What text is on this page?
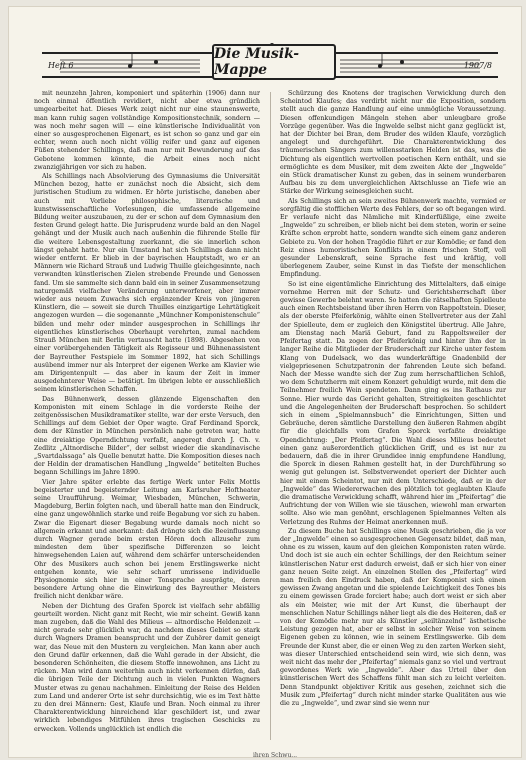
Heft 6
Die Musik-Mappe	1907/8

mit neunzehn Jahren, komponiert und späterhin (1906) dann nur noch einmal öffentlich revidiert, nicht aber etwa gründlich umgearbeitet hat. Dieses Werk zeigt nicht nur eine staunenswerte, man kann ruhig sagen vollständige Kompositionstechnik, sondern — was noch mehr sagen will — eine künstlerische Individualität von einer so ausgesprochenen Eigenart, es ist schon so ganz und gar ein echter, wenn auch noch nicht völlig reifer und ganz auf eigenen Füßen stehender Schillings, daß man nur mit Bewunderung auf das Gebotene kommen könnte, die Arbeit eines noch nicht zwanzigjährigen vor sich zu haben.

Als Schillings nach Absolvierung des Gymnasiums die Universität München bezog, hatte er zunächst noch die Absicht, sich dem juristischen Studium zu widmen. Er hörte juristische, daneben aber auch mit Vorliebe philosophische, literarische und kunstwissenschaftliche Vorlesungen, die umfassende allgemeine Bildung weiter auszubauen, zu der er schon auf dem Gymnasium den festen Grund gelegt hatte. Die Jurisprudenz wurde bald an den Nagel gehängt und der Musik auch nach außenhin die führende Stelle für die weitere Lebensgestaltung zuerkannt, die sie innerlich schon längst gehabt hatte. Nur ein Umstand hat sich Schillings dann nicht wieder entfernt. Er blieb in der bayrischen Hauptstadt, wo er an Männern wie Richard Strauß und Ludwig Thuille gleichgesinnte, nach verwandten künstlerischen Zielen strebende Freunde und Genossen fand. Um sie sammelte sich dann bald ein in seiner Zusammensetzung naturgemäß vielfacher Veränderung unterworfener, aber immer wieder aus neuem Zuwachs sich ergänzender Kreis von jüngeren Künstlern, die — soweit sie durch Thuilles einzigartige Lehrtätigkeit angezogen wurden — die sogenannte „Münchner Komponistenschule“ bilden und mehr oder minder ausgesprochen in Schillings ihr eigentliches künstlerisches Oberhaupt verehrten, zumal nachdem Strauß München mit Berlin vertauscht hatte (1898). Abgesehen von einer vorübergehenden Tätigkeit als Regisseur und Bühnenassistent der Bayreuther Festspiele im Sommer 1892, hat sich Schillings ausübend immer nur als Interpret der eigenen Werke am Klavier wie am Dirigentenpult — das aber in kaum der Zeit in immer ausgedehnterer Weise — betätigt. Im übrigen lebte er ausschließlich seinem künstlerischen Schaffen.

Das Bühnenwerk, dessen glänzende Eigenschaften den Komponisten mit einem Schlage in die vorderste Reihe der zeitgenössischen Musikdramatiker stellte, war der erste Versuch, den Schillings auf dem Gebiet der Oper wagte. Graf Ferdinand Sporck, dem der Künstler in München persönlich nahe getreten war, hatte eine dreiaktige Operndichtung verfaßt, angeregt durch J. Ch. v. Zedlitz „Altnordische Bilder“, der selbst wieder die skandinavische „Svartdalssaga“ als Quelle benutzt hatte. Die Komposition dieses nach der Heldin der dramatischen Handlung „Ingwelde“ betitelten Buches begann Schillings im Jahre 1890.

Vier Jahre später erlebte das fertige Werk unter Felix Mottls begeisterter und begeisternder Leitung am Karlsruher Hoftheater seine Uraufführung. Weimar, Wiesbaden, München, Schwerin, Magdeburg, Berlin folgten nach, und überall hatte man den Eindruck, eine ganz ungewöhnlich starke und reife Begabung vor sich zu haben. Zwar die Eigenart dieser Begabung wurde damals noch nicht so allgemein erkannt und anerkannt: daß drängte sich die Beeinflussung durch Wagner gerade beim ersten Hören doch allzusehr zum mindesten dem über spezifische Differenzen so leicht hinwegsehenden Laien auf, während dem schärfer unterscheidenden Ohr des Musikers auch schon bei jenem Erstlingswerke nicht entgehen konnte, wie sehr scharf umrissene individuelle Physiognomie sich hier in einer Tonsprache ausprägte, deren besondere Artung ohne die Einwirkung des Bayreuther Meisters freilich nicht denkbar wäre.

Neben der Dichtung des Grafen Sporck ist vielfach sehr abfällig geurteilt worden. Nicht ganz mit Recht, wie mir scheint. Gewiß kann man zugeben, daß die Wahl des Milieus — altnordische Heldenzeit — nicht gerade sehr glücklich war, da nachdem dieses Gebiet so stark durch Wagners Dramen beansprucht und der Zuhörer damit geneigt war, das Neue mit den Mustern zu vergleichen. Man kann aber auch den Grund dafür erkennen, daß die Wahl gerade in der Absicht, die besonderen Schönheiten, die diesem Stoffe innewohnen, ans Licht zu rücken. Man wird dann weiterhin auch nicht verkennen dürfen, daß die übrigen Teile der Dichtung auch in vielen Punkten Wagners Muster etwas zu genau nachahmen. Einleitung der Reise des Helden zum Land und anderer Orte ist sehr durchsichtig, wie es im Text hätte zu den drei Männern: Gest, Klaufe und Bran. Noch einmal zu ihrer Charakterentwicklung hinreichend klar geschildert ist, und zwar wirklich lebendiges Mitfühlen ihres tragischen Geschicks zu erwecken. Vollends unglücklich ist endlich die

Schürzung des Knotens der tragischen Verwicklung durch den Scheintod Klaufes; das verdirbt nicht nur die Exposition, sondern stellt auch die ganze Handlung auf eine unmögliche Voraussetzung. Diesen offenkundigen Mängeln stehen aber unleugbare große Vorzüge gegenüber. Was die Ingwelde selbst nicht ganz geglückt ist, hat der Dichter bei Bran, dem Bruder des wilden Klaufe, vorzüglich angelegt und durchgeführt. Die Charakterentwicklung des träumerischen Sängers zum willensstarken Helden ist das, was die Dichtung als eigentlich wertvollen poetischen Kern enthält, und sie ermöglichte es dem Musiker, mit dem zweiten Akte der „Ingwelde“ ein Stück dramatischer Kunst zu geben, das in seinem wunderbaren Aufbau bis zu dem unvergleichlichen Aktschlusse an Tiefe wie an Stärke der Wirkung seinesgleichen sucht.

Als Schillings sich an sein zweites Bühnenwerk machte, vermied er sorgfältig die stofflichen Werte des Fehlers, der so oft begangen wird. Er verlaufe nicht das Nämliche mit Kinderfüßlige, eine zweite „Ingwelde“ zu schreiben, er blieb nicht bei dem steten, worin er seine Kräfte schon erprobt hatte, sondern wandte sich einem ganz anderen Gebiete zu. Von der hohen Tragödie führt er zur Komödie; er fand den Reiz eines humoristischen Konflikts in einem frischen Stoff, voll gesunder Lebenskraft, seine Sprache fest und kräftig, voll überlegenem Zauber, seine Kunst in das Tiefste der menschlichen Empfindung.

So ist eine eigentümliche Einrichtung des Mittelalters, daß einige vornehme Herren mit der Schutz- und Gerichtsherrschaft über gewisse Gewerbe belehnt waren. So hatten die rätselhaften Spielleute auch einen Rechtsbeistand über ihren Herrn von Rappoltstein. Dieser, als der oberste Pfeiferkönig, wählte einen Stellvertreter aus der Zahl der Spielleute, dem er zugleich den Königstitel übertrug. Alle Jahre, am Dienstag nach Mariä Geburt, fand zu Rappoltsweiler der Pfeifertag statt. Da zogen der Pfeiferkönig und hinter ihm der in langer Reihe die Mitglieder der Bruderschaft zur Kirche unter festem Klang von Dudelsack, wo das wunderkräftige Gnadenbild der vielgepriesenen Schutzpatronin der fahrenden Leute sich befand. Nach der Messe wandte sich der Zug zum herrschaftlichen Schloß, wo dem Schutzherrn mit einem Konzert gehuldigt wurde, mit dem die Teilnehmer freilich Wein spendeten. Dann ging es ins Rathaus zur Sonne. Hier wurde das Gericht gehalten, Streitigkeiten geschlichtet und die Angelegenheiten der Bruderschaft besprochen. So schildert sich in einem „Spielmannsbuch“ die Einrichtungen, Sitten und Gebräuche, deren sämtliche Darstellung den äußeren Rahmen abgibt für die gleichfalls vom Grafen Sporck verfaßte dreiaktige Opendichtung: „Der Pfeifertag“. Die Wahl dieses Milieus bedeutet einen ganz außerordentlich glücklichen Griff, und es ist nur zu bedauern, daß die in ihrer Grundidee innig empfundene Handlung, die Sporck in diesen Rahmen gestellt hat, in der Durchführung so wenig gut gelungen ist. Selbstverwendet operiert der Dichter auch hier mit einem Scheintot, nur mit dem Unterschiede, daß er in der „Ingwelde“ das Wiedererwachen des plötzlich tot geglaubten Klaufe die dramatische Verwicklung schafft, während hier im „Pfeifertag“ die Aufrichtung der von Willen wie sie täuschen, wiewohl man erwarten sollte. Also wie man genöhnt, erschlagenen Spielmannes Velten als Verletzung des Ruhms der Heimat anerkennen muß.

Zu diesem Buche hat Schillings eine Musik geschrieben, die ja vor der „Ingwelde“ einen so ausgesprochenen Gegensatz bildet, daß man, ohne es zu wissen, kaum auf den gleichen Komponisten raten würde. Und doch ist sie auch ein echter Schillings, der den Reichtum seiner künstlerischen Natur erst dadurch erweist, daß er sich hier von einer ganz neuen Seite zeigt. An einzelnen Stellen des „Pfeifertag“ wird man freilich den Eindruck haben, daß der Komponist sich einen gewissen Zwang angetan und die spielende Leichtigkeit des Tones bis zu einem gewissen Grade forciert habe; auch dort weist er sich aber als ein Meister, wie mit der Art Kunst, die überhaupt der menschlichen Natur Schillings näher liegt als die des Heiteren, daß er von der Komödie mehr nur als Künstler „seiltänzelnd“ ästhetische Leistung gezogen hat, aber er selbst in solcher Weise von seinem Eigenen geben zu können, wie in seinem Erstlingswerke. Gib dem Freunde der Kunst aber, die er einen Weg zu den zarten Werken sieht, was dieser Unterschied entscheidend sein wird, wie sich denn, was weit nicht das mehr der „Pfeifertag“ niemals ganz so viel und vertraut gewordenes Werk wie „Ingwelde“. Aber das Urteil über den künstlerischen Wert des Schaffens fühlt man sich zu leicht verleiten. Denn Standpunkt objektiver Kritik aus gesehen, zeichnet sich die Musik zum „Pfeifertag“ durch nicht minder starke Qualitäten aus wie die zu „Ingwelde“, und zwar sind sie wenn nur

ihren Schwu...
